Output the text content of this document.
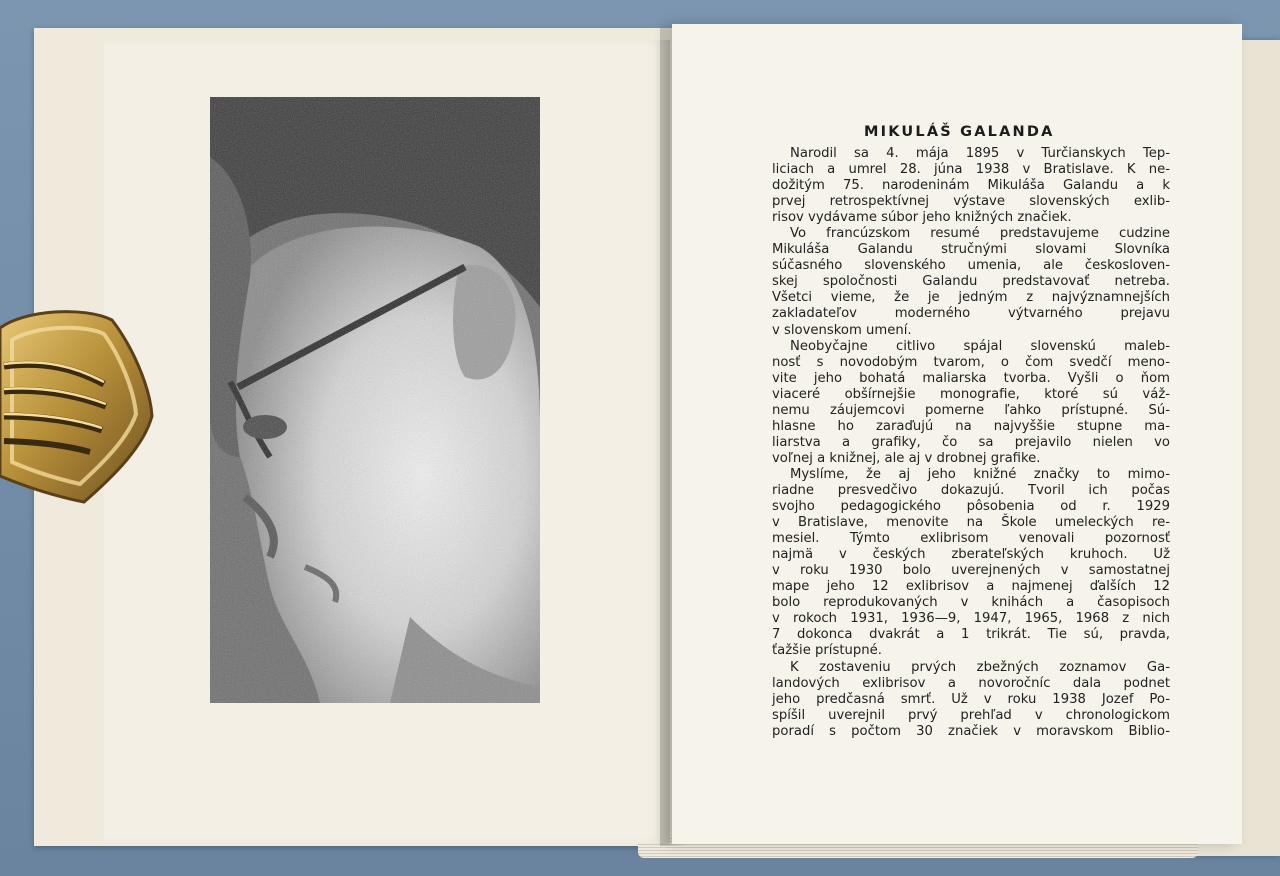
MIKULÁŠ GALANDA
Narodil sa 4. mája 1895 v Turčianskych Tep-
liciach a umrel 28. júna 1938 v Bratislave. K ne-
dožitým 75. narodeninám Mikuláša Galandu a k
prvej retrospektívnej výstave slovenských exlib-
risov vydávame súbor jeho knižných značiek.
Vo francúzskom resumé predstavujeme cudzine
Mikuláša Galandu stručnými slovami Slovníka
súčasného slovenského umenia, ale českosloven-
skej spoločnosti Galandu predstavovať netreba.
Všetci vieme, že je jedným z najvýznamnejších
zakladateľov moderného výtvarného prejavu
v slovenskom umení.
Neobyčajne citlivo spájal slovenskú maleb-
nosť s novodobým tvarom, o čom svedčí meno-
vite jeho bohatá maliarska tvorba. Vyšli o ňom
viaceré obšírnejšie monografie, ktoré sú váž-
nemu záujemcovi pomerne ľahko prístupné. Sú-
hlasne ho zaraďujú na najvyššie stupne ma-
liarstva a grafiky, čo sa prejavilo nielen vo
voľnej a knižnej, ale aj v drobnej grafike.
Myslíme, že aj jeho knižné značky to mimo-
riadne presvedčivo dokazujú. Tvoril ich počas
svojho pedagogického pôsobenia od r. 1929
v Bratislave, menovite na Škole umeleckých re-
mesiel. Týmto exlibrisom venovali pozornosť
najmä v českých zberateľských kruhoch. Už
v roku 1930 bolo uverejnených v samostatnej
mape jeho 12 exlibrisov a najmenej ďalších 12
bolo reprodukovaných v knihách a časopisoch
v rokoch 1931, 1936—9, 1947, 1965, 1968 z nich
7 dokonca dvakrát a 1 trikrát. Tie sú, pravda,
ťažšie prístupné.
K zostaveniu prvých zbežných zoznamov Ga-
landových exlibrisov a novoročníc dala podnet
jeho predčasná smrť. Už v roku 1938 Jozef Po-
spíšil uverejnil prvý prehľad v chronologickom
poradí s počtom 30 značiek v moravskom Biblio-
